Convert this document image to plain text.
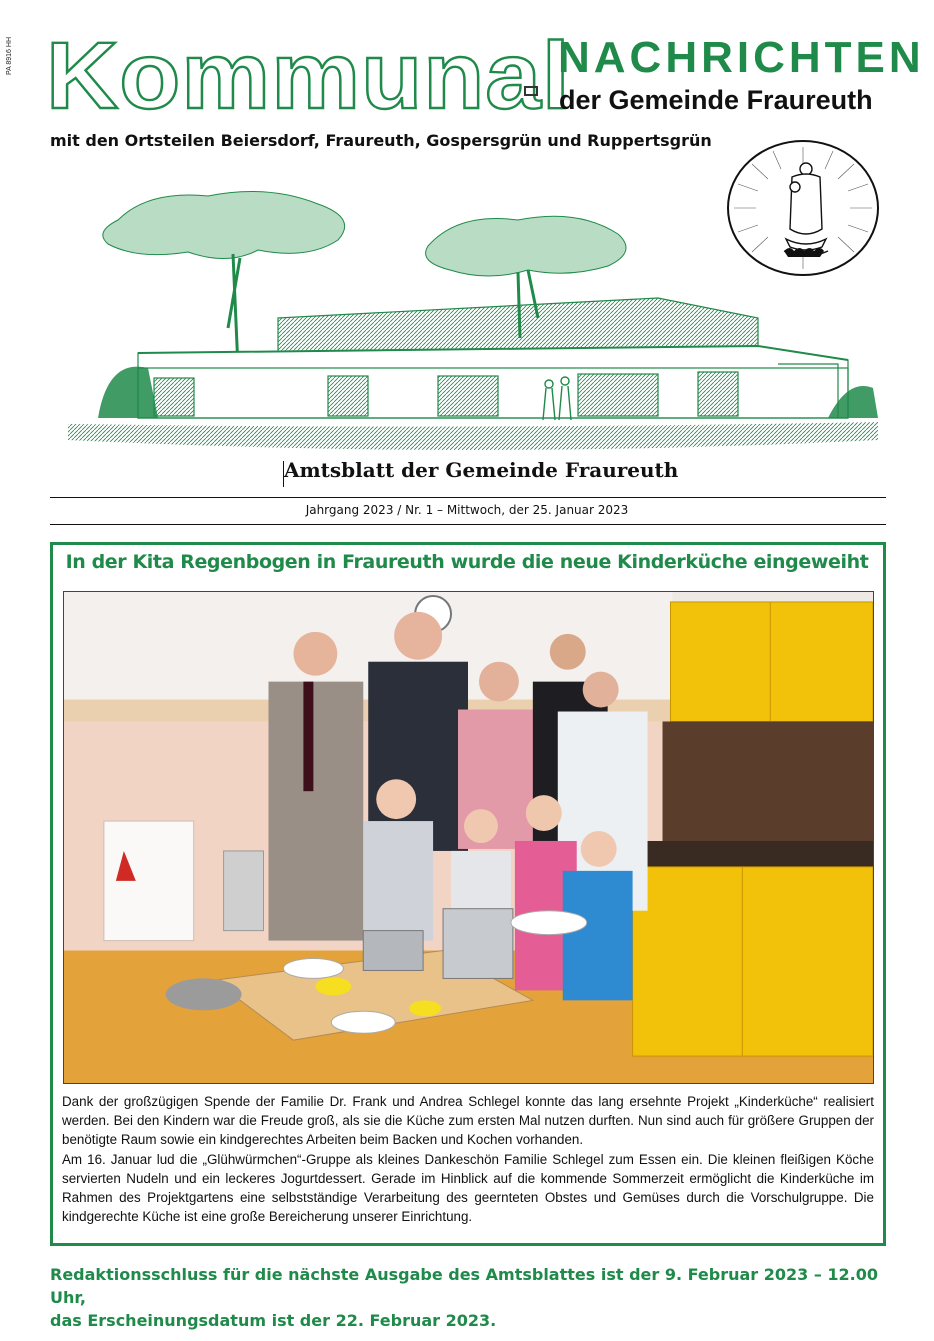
PA 8916 HH Kommunal
NACHRICHTEN
der Gemeinde Fraureuth
mit den Ortsteilen Beiersdorf, Fraureuth, Gospersgrün und Ruppertsgrün
Amtsblatt der Gemeinde Fraureuth
Jahrgang 2023 / Nr. 1 – Mittwoch, der 25. Januar 2023
In der Kita Regenbogen in Fraureuth wurde die neue Kinderküche eingeweiht

Dank der großzügigen Spende der Familie Dr. Frank und Andrea Schlegel konnte das lang ersehnte Projekt „Kinderküche“ realisiert werden. Bei den Kindern war die Freude groß, als sie die Küche zum ersten Mal nutzen durften. Nun sind auch für größere Gruppen der benötigte Raum sowie ein kindgerechtes Arbeiten beim Backen und Kochen vorhanden.

Am 16. Januar lud die „Glühwürmchen“-Gruppe als kleines Dankeschön Familie Schlegel zum Essen ein. Die kleinen fleißigen Köche servierten Nudeln und ein leckeres Jogurtdessert. Gerade im Hinblick auf die kommende Sommerzeit ermöglicht die Kinderküche im Rahmen des Projektgartens eine selbstständige Verarbeitung des geernteten Obstes und Gemüses durch die Vorschulgruppe. Die kindgerechte Küche ist eine große Bereicherung unserer Einrichtung.

Redaktionsschluss für die nächste Ausgabe des Amtsblattes ist der 9. Februar 2023 – 12.00 Uhr,
das Erscheinungsdatum ist der 22. Februar 2023.
